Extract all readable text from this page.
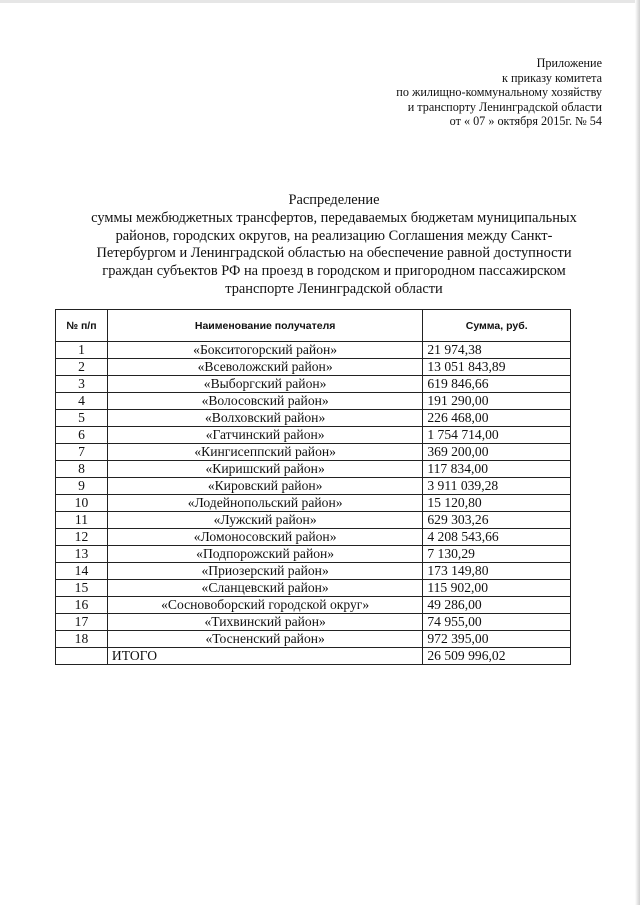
Приложение
к приказу комитета
по жилищно-коммунальному хозяйству
и транспорту Ленинградской области
от « 07 » октября 2015г. № 54
Распределение
суммы межбюджетных трансфертов, передаваемых бюджетам муниципальных
районов, городских округов, на реализацию Соглашения между Санкт-
Петербургом и Ленинградской областью на обеспечение равной доступности
граждан субъектов РФ на проезд в городском и пригородном пассажирском
транспорте Ленинградской области
№ п/п	Наименование получателя	Сумма, руб.
1	«Бокситогорский район»	21 974,38
2	«Всеволожский район»	13 051 843,89
3	«Выборгский район»	619 846,66
4	«Волосовский район»	191 290,00
5	«Волховский район»	226 468,00
6	«Гатчинский район»	1 754 714,00
7	«Кингисеппский район»	369 200,00
8	«Киришский район»	117 834,00
9	«Кировский район»	3 911 039,28
10	«Лодейнопольский район»	15 120,80
11	«Лужский район»	629 303,26
12	«Ломоносовский район»	4 208 543,66
13	«Подпорожский район»	7 130,29
14	«Приозерский район»	173 149,80
15	«Сланцевский район»	115 902,00
16	«Сосновоборский городской округ»	49 286,00
17	«Тихвинский район»	74 955,00
18	«Тосненский район»	972 395,00
	ИТОГО	26 509 996,02
